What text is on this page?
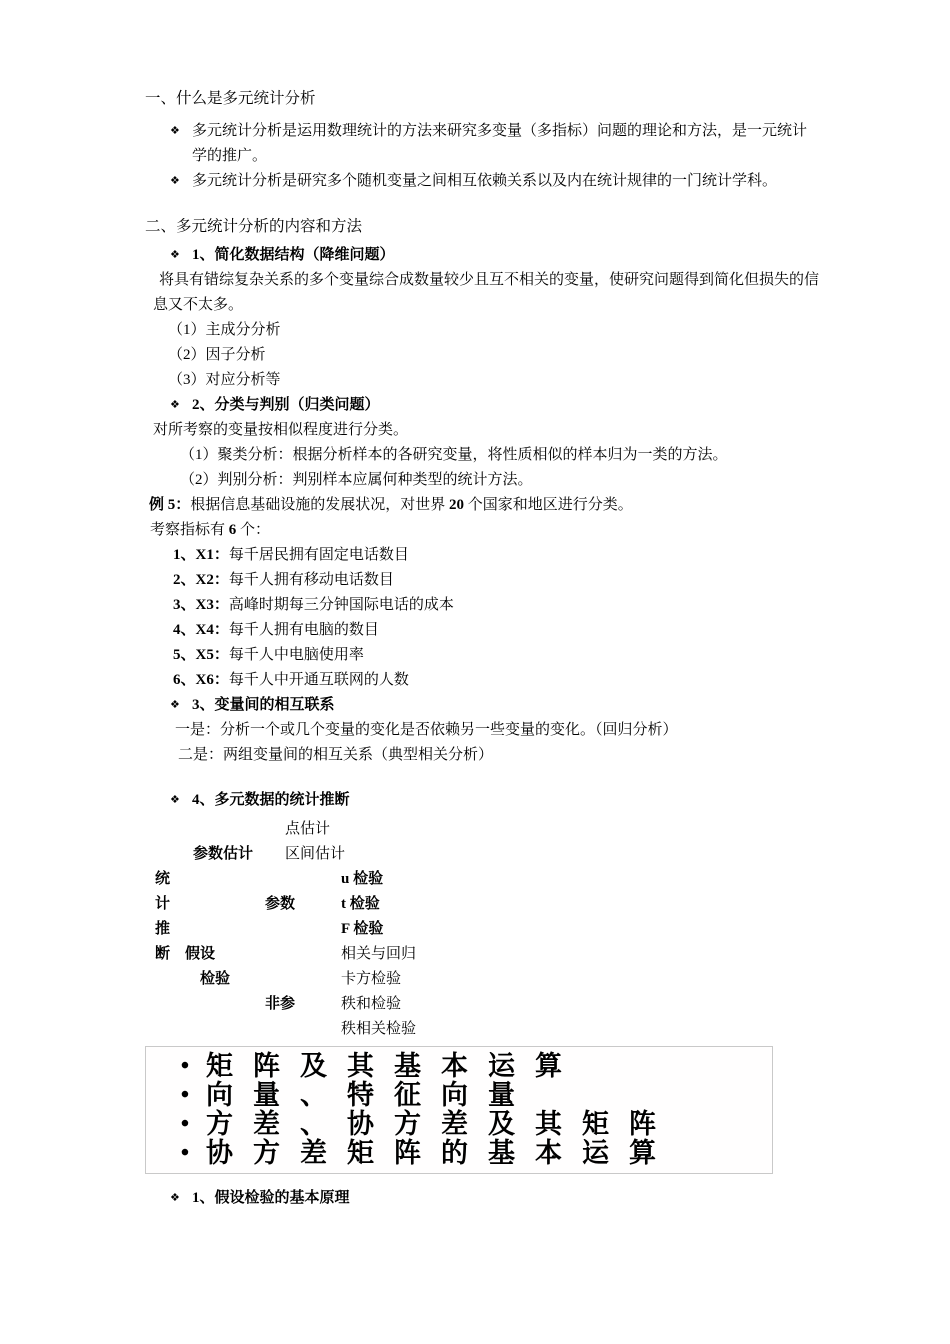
一、什么是多元统计分析
❖ 多元统计分析是运用数理统计的方法来研究多变量（多指标）问题的理论和方法，是一元统计学的推广。
❖ 多元统计分析是研究多个随机变量之间相互依赖关系以及内在统计规律的一门统计学科。
二、多元统计分析的内容和方法
❖ 1、简化数据结构（降维问题）
将具有错综复杂关系的多个变量综合成数量较少且互不相关的变量，使研究问题得到简化但损失的信息又不太多。
（1）主成分分析
（2）因子分析
（3）对应分析等
❖ 2、分类与判别（归类问题）
对所考察的变量按相似程度进行分类。
（1）聚类分析：根据分析样本的各研究变量，将性质相似的样本归为一类的方法。
（2）判别分析：判别样本应属何种类型的统计方法。
例 5：根据信息基础设施的发展状况，对世界 20 个国家和地区进行分类。
考察指标有 6 个：
1、X1：每千居民拥有固定电话数目
2、X2：每千人拥有移动电话数目
3、X3：高峰时期每三分钟国际电话的成本
4、X4：每千人拥有电脑的数目
5、X5：每千人中电脑使用率
6、X6：每千人中开通互联网的人数
❖ 3、变量间的相互联系
一是：分析一个或几个变量的变化是否依赖另一些变量的变化。（回归分析）
二是：两组变量间的相互关系（典型相关分析）
❖ 4、多元数据的统计推断
点估计
参数估计 区间估计
统
计
推
断
参数
假设
检验
非参
u 检验
t 检验
F 检验
相关与回归
卡方检验
秩和检验
秩相关检验
• 矩阵及其基本运算
• 向量、特征向量
• 方差、协方差及其矩阵
• 协方差矩阵的基本运算
❖ 1、假设检验的基本原理
